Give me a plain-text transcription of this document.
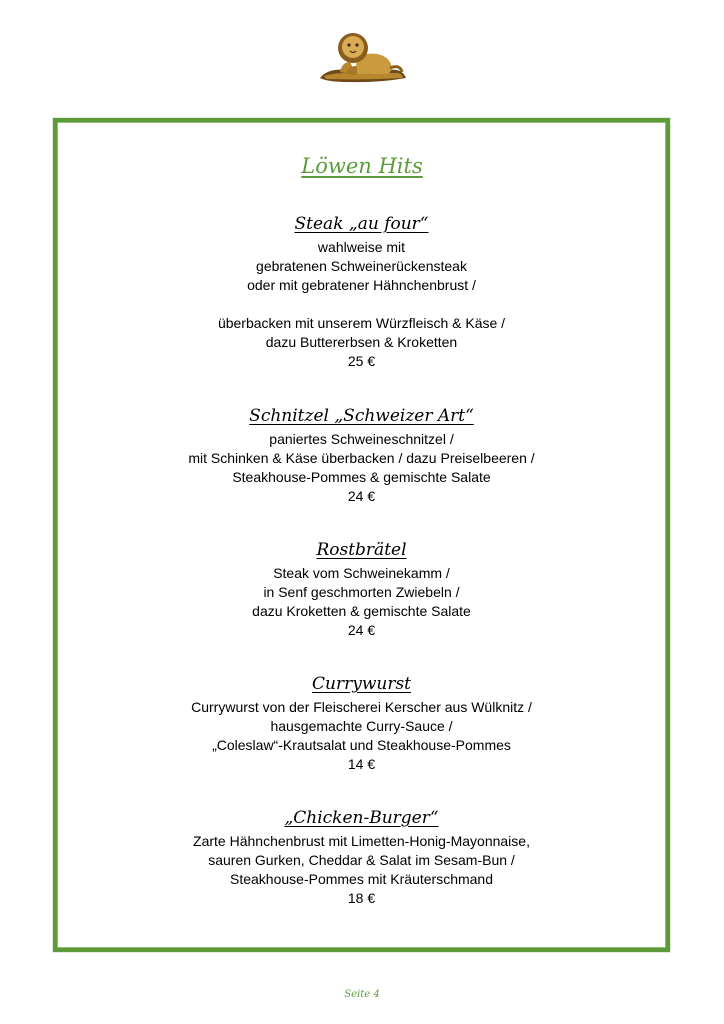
Löwen Hits
Steak „au four“
wahlweise mit
gebratenen Schweinerückensteak
oder mit gebratener Hähnchenbrust /
überbacken mit unserem Würzfleisch & Käse /
dazu Buttererbsen & Kroketten
25 €
Schnitzel „Schweizer Art“
paniertes Schweineschnitzel /
mit Schinken & Käse überbacken / dazu Preiselbeeren /
Steakhouse-Pommes & gemischte Salate
24 €
Rostbrätel
Steak vom Schweinekamm /
in Senf geschmorten Zwiebeln /
dazu Kroketten & gemischte Salate
24 €
Currywurst
Currywurst von der Fleischerei Kerscher aus Wülknitz /
hausgemachte Curry-Sauce /
„Coleslaw“-Krautsalat und Steakhouse-Pommes
14 €
„Chicken-Burger“
Zarte Hähnchenbrust mit Limetten-Honig-Mayonnaise,
sauren Gurken, Cheddar & Salat im Sesam-Bun /
Steakhouse-Pommes mit Kräuterschmand
18 €
Seite 4
